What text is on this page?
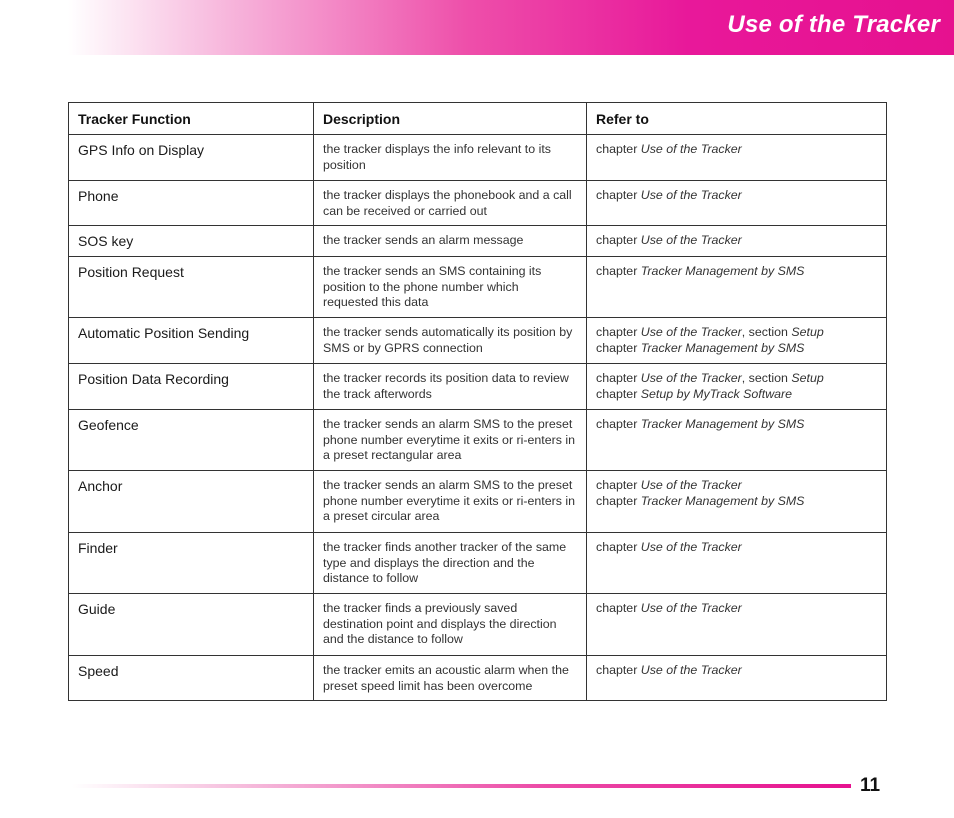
Use of the Tracker
Tracker Function	Description	Refer to
GPS Info on Display	the tracker displays the info relevant to its position	chapter Use of the Tracker

Phone	the tracker displays the phonebook and a call can be received or carried out	chapter Use of the Tracker

SOS key	the tracker sends an alarm message	chapter Use of the Tracker

Position Request	the tracker sends an SMS containing its position to the phone number which requested this data	chapter Tracker Management by SMS

Automatic Position Sending	the tracker sends automatically its position by SMS or by GPRS connection	chapter Use of the Tracker, section Setup
chapter Tracker Management by SMS

Position Data Recording	the tracker records its position data to review the track afterwords	chapter Use of the Tracker, section Setup
chapter Setup by MyTrack Software

Geofence	the tracker sends an alarm SMS to the preset phone number everytime it exits or ri-enters in a preset rectangular area	chapter Tracker Management by SMS

Anchor	the tracker sends an alarm SMS to the preset phone number everytime it exits or ri-enters in a preset circular area	chapter Use of the Tracker
chapter Tracker Management by SMS

Finder	the tracker finds another tracker of the same type and displays the direction and the distance to follow	chapter Use of the Tracker

Guide	the tracker finds a previously saved destination point and displays the direction and the distance to follow	chapter Use of the Tracker

Speed	the tracker emits an acoustic alarm when the preset speed limit has been overcome	chapter Use of the Tracker
11
